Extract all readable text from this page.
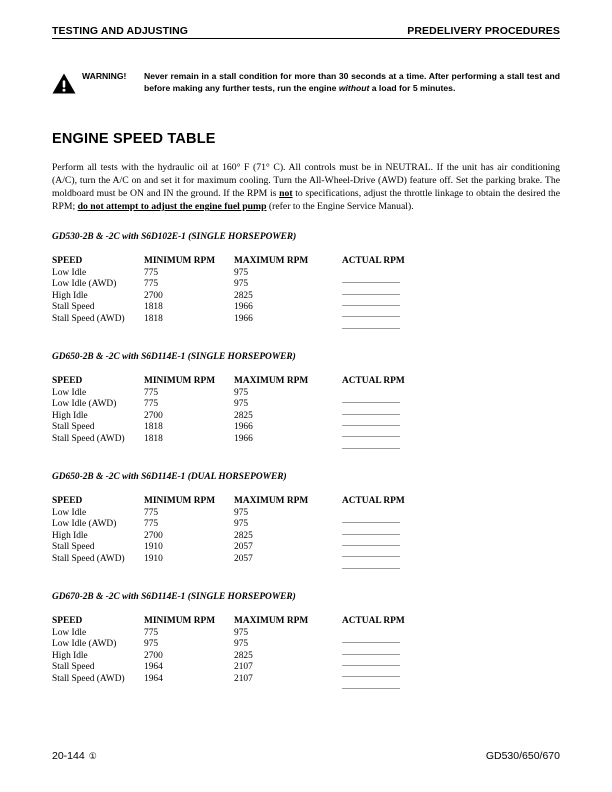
TESTING AND ADJUSTING	PREDELIVERY PROCEDURES
WARNING!	Never remain in a stall condition for more than 30 seconds at a time. After performing a stall test and before making any further tests, run the engine without a load for 5 minutes.
ENGINE SPEED TABLE
Perform all tests with the hydraulic oil at 160° F (71° C). All controls must be in NEUTRAL. If the unit has air conditioning (A/C), turn the A/C on and set it for maximum cooling. Turn the All-Wheel-Drive (AWD) feature off. Set the parking brake. The moldboard must be ON and IN the ground. If the RPM is not to specifications, adjust the throttle linkage to obtain the desired the RPM; do not attempt to adjust the engine fuel pump (refer to the Engine Service Manual).
GD530-2B & -2C with S6D102E-1 (SINGLE HORSEPOWER)
SPEED	MINIMUM RPM	MAXIMUM RPM	ACTUAL RPM
Low Idle	775	975	

Low Idle (AWD)	775	975	

High Idle	2700	2825	

Stall Speed	1818	1966	

Stall Speed (AWD)	1818	1966	
GD650-2B & -2C with S6D114E-1 (SINGLE HORSEPOWER)
SPEED	MINIMUM RPM	MAXIMUM RPM	ACTUAL RPM
Low Idle	775	975	

Low Idle (AWD)	775	975	

High Idle	2700	2825	

Stall Speed	1818	1966	

Stall Speed (AWD)	1818	1966	
GD650-2B & -2C with S6D114E-1 (DUAL HORSEPOWER)
SPEED	MINIMUM RPM	MAXIMUM RPM	ACTUAL RPM
Low Idle	775	975	

Low Idle (AWD)	775	975	

High Idle	2700	2825	

Stall Speed	1910	2057	

Stall Speed (AWD)	1910	2057	
GD670-2B & -2C with S6D114E-1 (SINGLE HORSEPOWER)
SPEED	MINIMUM RPM	MAXIMUM RPM	ACTUAL RPM
Low Idle	775	975	

Low Idle (AWD)	975	975	

High Idle	2700	2825	

Stall Speed	1964	2107	

Stall Speed (AWD)	1964	2107	
20-144 ①	GD530/650/670
